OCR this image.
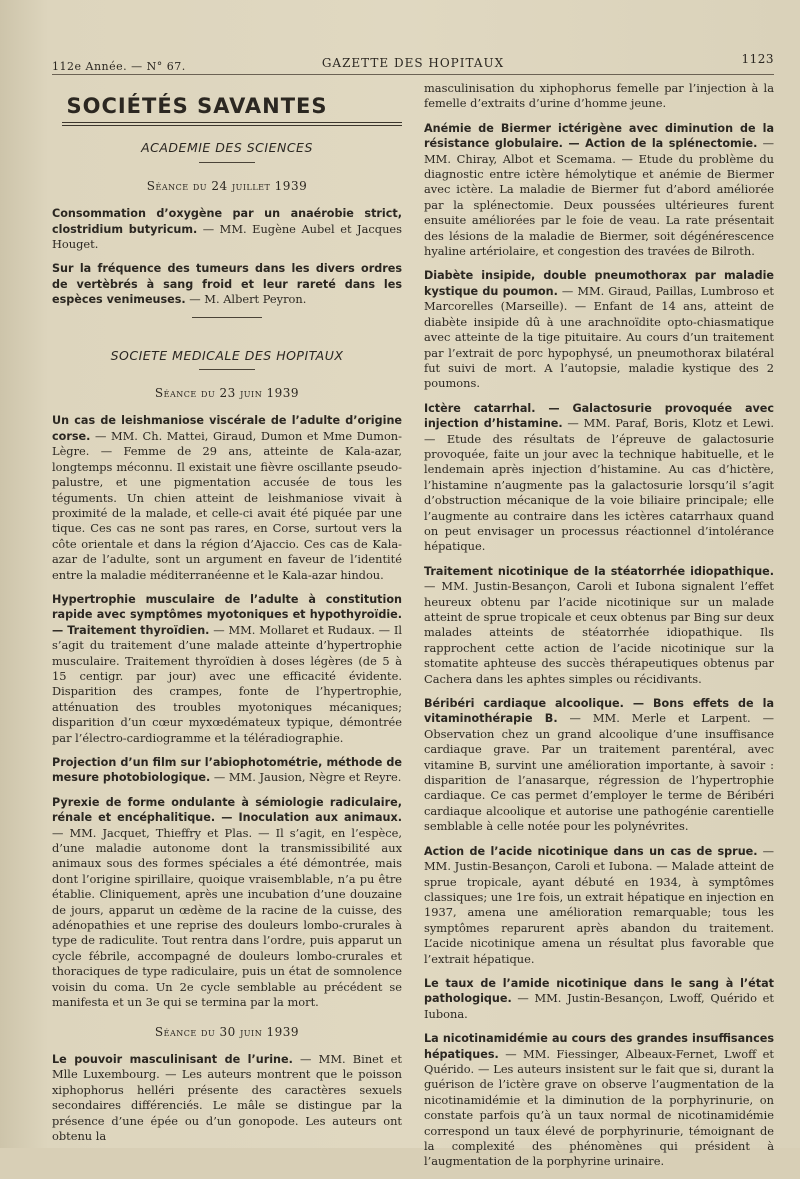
112e Année. — N° 67.	GAZETTE DES HOPITAUX	1123
SOCIÉTÉS SAVANTES
ACADEMIE DES SCIENCES
Séance du 24 juillet 1939

Consommation d’oxygène par un anaérobie strict, clostridium butyricum. — MM. Eugène Aubel et Jacques Houget.

Sur la fréquence des tumeurs dans les divers ordres de vertèbrés à sang froid et leur rareté dans les espèces venimeuses. — M. Albert Peyron.

SOCIETE MEDICALE DES HOPITAUX
Séance du 23 juin 1939

Un cas de leishmaniose viscérale de l’adulte d’origine corse. — MM. Ch. Mattei, Giraud, Dumon et Mme Dumon-Lègre. — Femme de 29 ans, atteinte de Kala-azar, longtemps méconnu. Il existait une fièvre oscillante pseudo-palustre, et une pigmentation accusée de tous les téguments. Un chien atteint de leishmaniose vivait à proximité de la malade, et celle-ci avait été piquée par une tique. Ces cas ne sont pas rares, en Corse, surtout vers la côte orientale et dans la région d’Ajaccio. Ces cas de Kala-azar de l’adulte, sont un argument en faveur de l’identité entre la maladie méditerranéenne et le Kala-azar hindou.

Hypertrophie musculaire de l’adulte à constitution rapide avec symptômes myotoniques et hypothyroïdie. — Traitement thyroïdien. — MM. Mollaret et Rudaux. — Il s’agit du traitement d’une malade atteinte d’hypertrophie musculaire. Traitement thyroïdien à doses légères (de 5 à 15 centigr. par jour) avec une efficacité évidente. Disparition des crampes, fonte de l’hypertrophie, atténuation des troubles myotoniques mécaniques; disparition d’un cœur myxœdémateux typique, démontrée par l’électro-cardiogramme et la téléradiographie.

Projection d’un film sur l’abiophotométrie, méthode de mesure photobiologique. — MM. Jausion, Nègre et Reyre.

Pyrexie de forme ondulante à sémiologie radiculaire, rénale et encéphalitique. — Inoculation aux animaux. — MM. Jacquet, Thieffry et Plas. — Il s’agit, en l’espèce, d’une maladie autonome dont la transmissibilité aux animaux sous des formes spéciales a été démontrée, mais dont l’origine spirillaire, quoique vraisemblable, n’a pu être établie. Cliniquement, après une incubation d’une douzaine de jours, apparut un œdème de la racine de la cuisse, des adénopathies et une reprise des douleurs lombo-crurales à type de radiculite. Tout rentra dans l’ordre, puis apparut un cycle fébrile, accompagné de douleurs lombo-crurales et thoraciques de type radiculaire, puis un état de somnolence voisin du coma. Un 2e cycle semblable au précédent se manifesta et un 3e qui se termina par la mort.

Séance du 30 juin 1939

Le pouvoir masculinisant de l’urine. — MM. Binet et Mlle Luxembourg. — Les auteurs montrent que le poisson xiphophorus helléri présente des caractères sexuels secondaires différenciés. Le mâle se distingue par la présence d’une épée ou d’un gonopode. Les auteurs ont obtenu la

masculinisation du xiphophorus femelle par l’injection à la femelle d’extraits d’urine d’homme jeune.

Anémie de Biermer ictérigène avec diminution de la résistance globulaire. — Action de la splénectomie. — MM. Chiray, Albot et Scemama. — Etude du problème du diagnostic entre ictère hémolytique et anémie de Biermer avec ictère. La maladie de Biermer fut d’abord améliorée par la splénectomie. Deux poussées ultérieures furent ensuite améliorées par le foie de veau. La rate présentait des lésions de la maladie de Biermer, soit dégénérescence hyaline artériolaire, et congestion des travées de Bilroth.

Diabète insipide, double pneumothorax par maladie kystique du poumon. — MM. Giraud, Paillas, Lumbroso et Marcorelles (Marseille). — Enfant de 14 ans, atteint de diabète insipide dû à une arachnoïdite opto-chiasmatique avec atteinte de la tige pituitaire. Au cours d’un traitement par l’extrait de porc hypophysé, un pneumothorax bilatéral fut suivi de mort. A l’autopsie, maladie kystique des 2 poumons.

Ictère catarrhal. — Galactosurie provoquée avec injection d’histamine. — MM. Paraf, Boris, Klotz et Lewi. — Etude des résultats de l’épreuve de galactosurie provoquée, faite un jour avec la technique habituelle, et le lendemain après injection d’histamine. Au cas d’hictère, l’histamine n’augmente pas la galactosurie lorsqu’il s’agit d’obstruction mécanique de la voie biliaire principale; elle l’augmente au contraire dans les ictères catarrhaux quand on peut envisager un processus réactionnel d’intolérance hépatique.

Traitement nicotinique de la stéatorrhée idiopathique. — MM. Justin-Besançon, Caroli et Iubona signalent l’effet heureux obtenu par l’acide nicotinique sur un malade atteint de sprue tropicale et ceux obtenus par Bing sur deux malades atteints de stéatorrhée idiopathique. Ils rapprochent cette action de l’acide nicotinique sur la stomatite aphteuse des succès thérapeutiques obtenus par Cachera dans les aphtes simples ou récidivants.

Béribéri cardiaque alcoolique. — Bons effets de la vitaminothérapie B. — MM. Merle et Larpent. — Observation chez un grand alcoolique d’une insuffisance cardiaque grave. Par un traitement parentéral, avec vitamine B, survint une amélioration importante, à savoir : disparition de l’anasarque, régression de l’hypertrophie cardiaque. Ce cas permet d’employer le terme de Béribéri cardiaque alcoolique et autorise une pathogénie carentielle semblable à celle notée pour les polynévrites.

Action de l’acide nicotinique dans un cas de sprue. — MM. Justin-Besançon, Caroli et Iubona. — Malade atteint de sprue tropicale, ayant débuté en 1934, à symptômes classiques; une 1re fois, un extrait hépatique en injection en 1937, amena une amélioration remarquable; tous les symptômes reparurent après abandon du traitement. L’acide nicotinique amena un résultat plus favorable que l’extrait hépatique.

Le taux de l’amide nicotinique dans le sang à l’état pathologique. — MM. Justin-Besançon, Lwoff, Quérido et Iubona.

La nicotinamidémie au cours des grandes insuffisances hépatiques. — MM. Fiessinger, Albeaux-Fernet, Lwoff et Quérido. — Les auteurs insistent sur le fait que si, durant la guérison de l’ictère grave on observe l’augmentation de la nicotinamidémie et la diminution de la porphyrinurie, on constate parfois qu’à un taux normal de nicotinamidémie correspond un taux élevé de porphyrinurie, témoignant de la complexité des phénomènes qui président à l’augmentation de la porphyrine urinaire.
